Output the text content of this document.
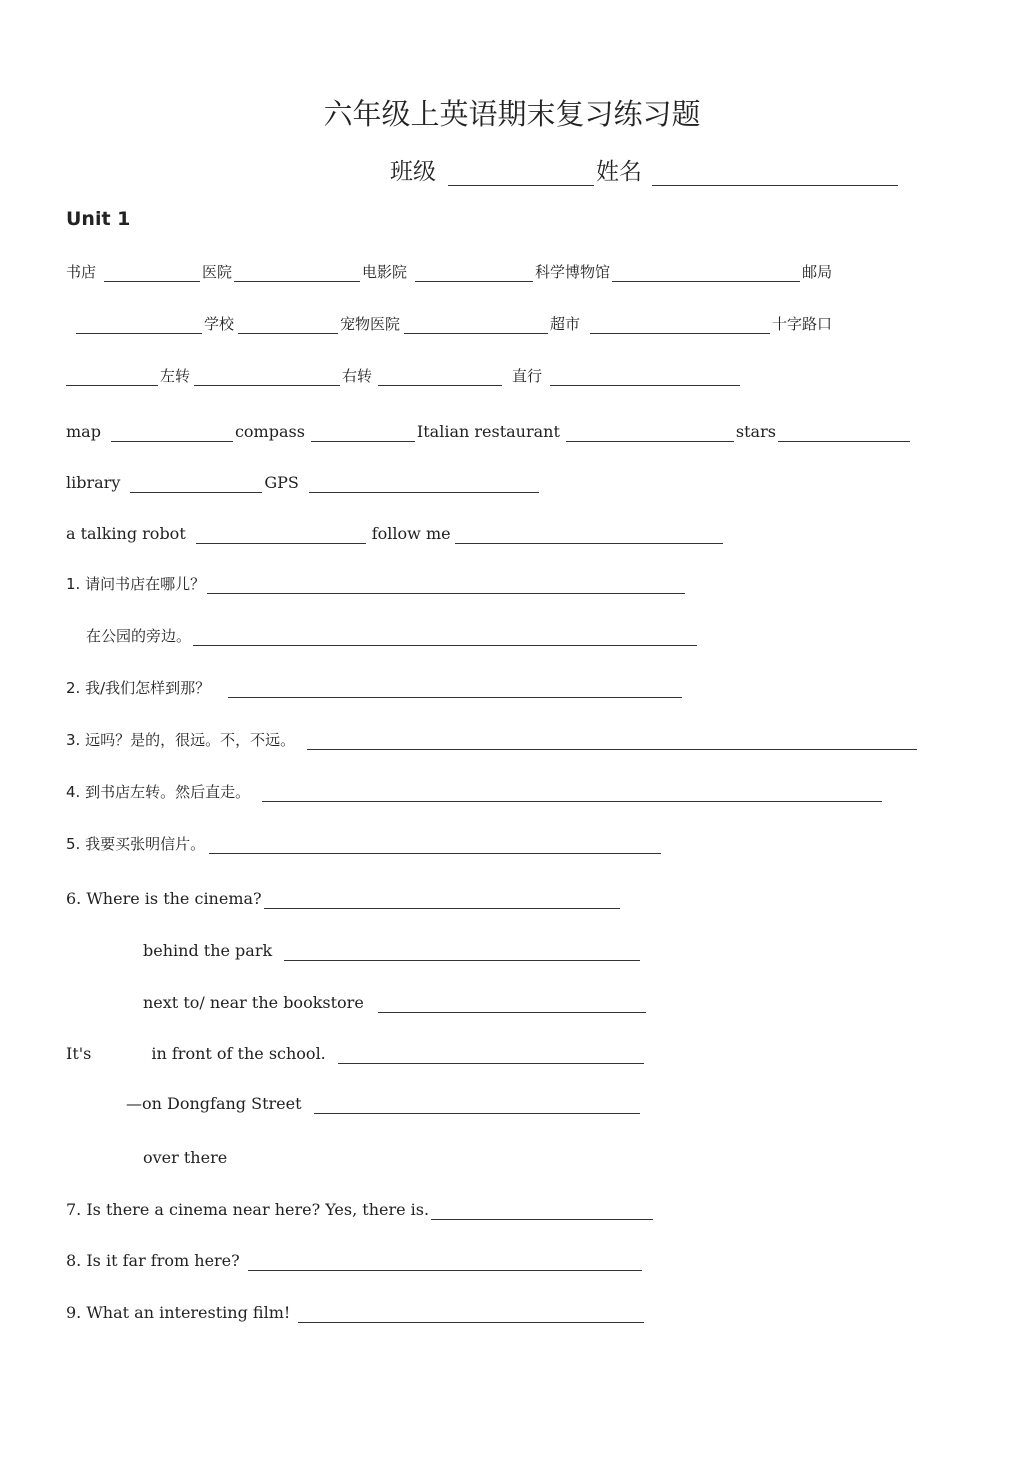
六年级上英语期末复习练习题
班级	姓名
Unit 1
书店	医院	电影院	科学博物馆	邮局
学校	宠物医院	超市	十字路口
左转	右转	直行
map	compass	Italian restaurant	stars
library	GPS
a talking robot	follow me
1. 请问书店在哪儿？
在公园的旁边。
2. 我/我们怎样到那？
3. 远吗？是的，很远。不，不远。
4. 到书店左转。然后直走。
5. 我要买张明信片。
6. Where is the cinema?
behind the park
next to/ near the bookstore
It's	in front of the school.
—on Dongfang Street
over there
7. Is there a cinema near here? Yes, there is.
8. Is it far from here?
9. What an interesting film!
